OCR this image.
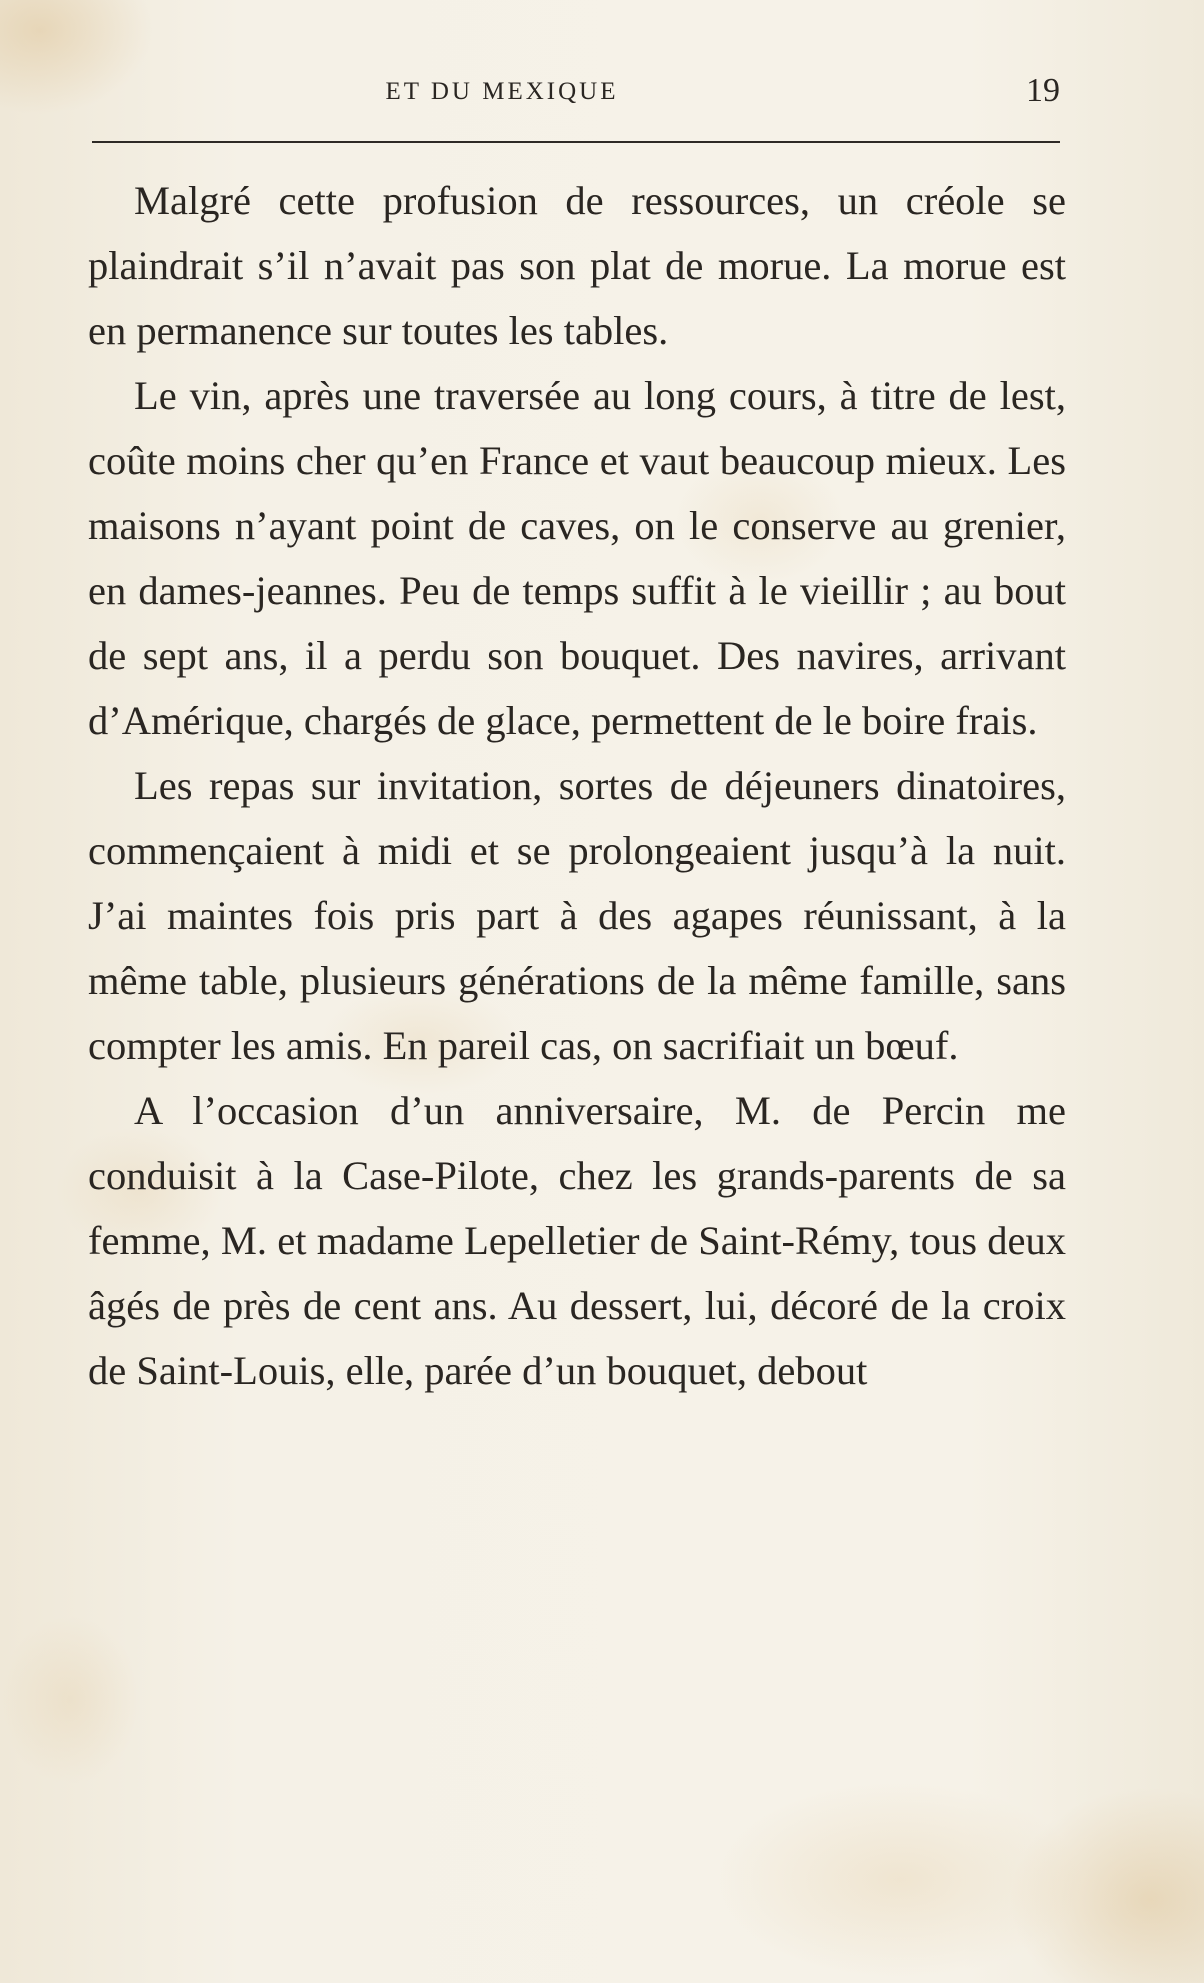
ET DU MEXIQUE	19

Malgré cette profusion de ressources, un créole se plaindrait s’il n’avait pas son plat de morue. La morue est en permanence sur toutes les tables.

Le vin, après une traversée au long cours, à titre de lest, coûte moins cher qu’en France et vaut beaucoup mieux. Les maisons n’ayant point de caves, on le conserve au grenier, en dames-jeannes. Peu de temps suffit à le vieillir ; au bout de sept ans, il a perdu son bouquet. Des navires, arrivant d’Amérique, chargés de glace, permettent de le boire frais.

Les repas sur invitation, sortes de déjeuners dinatoires, commençaient à midi et se prolongeaient jusqu’à la nuit. J’ai maintes fois pris part à des agapes réunissant, à la même table, plusieurs générations de la même famille, sans compter les amis. En pareil cas, on sacrifiait un bœuf.

A l’occasion d’un anniversaire, M. de Percin me conduisit à la Case-Pilote, chez les grands-parents de sa femme, M. et madame Lepelletier de Saint-Rémy, tous deux âgés de près de cent ans. Au dessert, lui, décoré de la croix de Saint-Louis, elle, parée d’un bouquet, debout
